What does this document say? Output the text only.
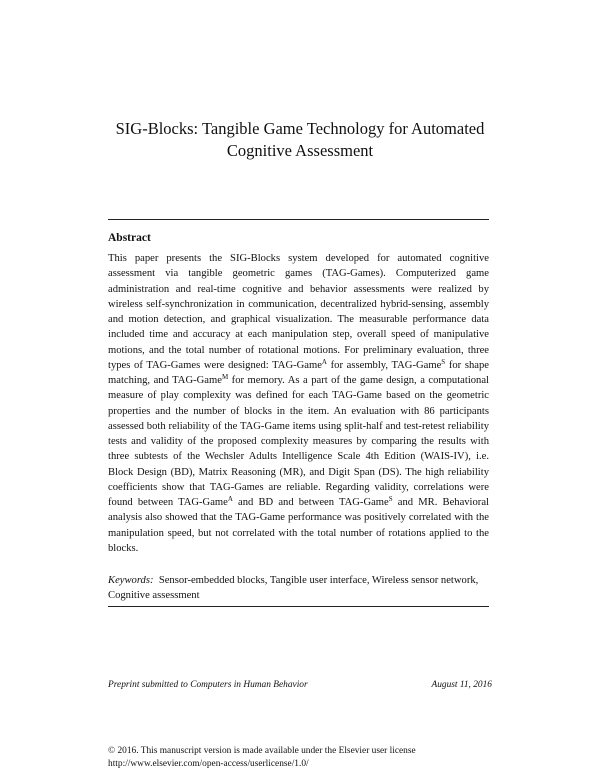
SIG-Blocks: Tangible Game Technology for Automated
Cognitive Assessment
Abstract
This paper presents the SIG-Blocks system developed for automated cognitive assessment via tangible geometric games (TAG-Games). Computerized game administration and real-time cognitive and behavior assessments were realized by wireless self-synchronization in communication, decentralized hybrid-sensing, assembly and motion detection, and graphical visualization. The measurable performance data included time and accuracy at each manipulation step, overall speed of manipulative motions, and the total number of rotational motions. For preliminary evaluation, three types of TAG-Games were designed: TAG-Game$^A$ for assembly, TAG-Game$^S$ for shape matching, and TAG-Game$^M$ for memory. As a part of the game design, a computational measure of play complexity was defined for each TAG-Game based on the geometric properties and the number of blocks in the item. An evaluation with 86 participants assessed both reliability of the TAG-Game items using split-half and test-retest reliability tests and validity of the proposed complexity measures by comparing the results with three subtests of the Wechsler Adults Intelligence Scale 4th Edition (WAIS-IV), i.e. Block Design (BD), Matrix Reasoning (MR), and Digit Span (DS). The high reliability coefficients show that TAG-Games are reliable. Regarding validity, correlations were found between TAG-Game$^A$ and BD and between TAG-Game$^S$ and MR. Behavioral analysis also showed that the TAG-Game performance was positively correlated with the manipulation speed, but not correlated with the total number of rotations applied to the blocks.
Keywords: Sensor-embedded blocks, Tangible user interface, Wireless sensor network, Cognitive assessment
Preprint submitted to Computers in Human Behavior	August 11, 2016
© 2016. This manuscript version is made available under the Elsevier user license
http://www.elsevier.com/open-access/userlicense/1.0/
